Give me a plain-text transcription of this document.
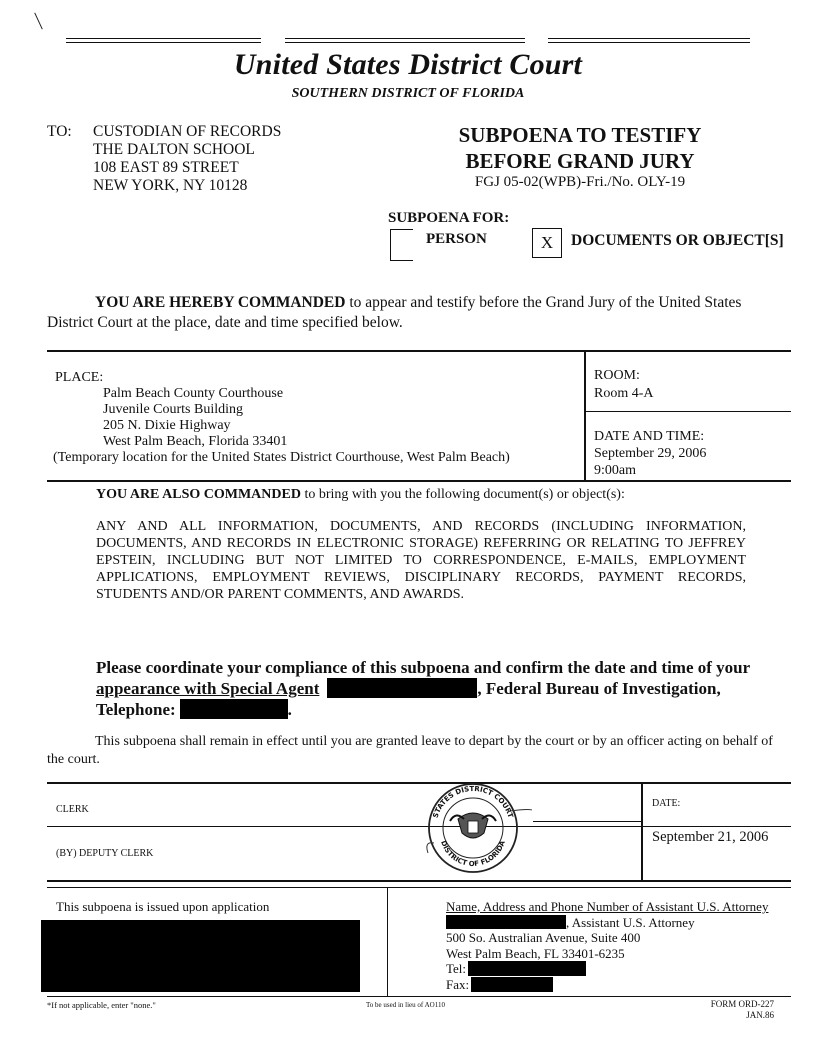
United States District Court
SOUTHERN DISTRICT OF FLORIDA
TO: CUSTODIAN OF RECORDS
THE DALTON SCHOOL
108 EAST 89 STREET
NEW YORK, NY 10128
SUBPOENA TO TESTIFY
BEFORE GRAND JURY
FGJ 05-02(WPB)-Fri./No. OLY-19
SUBPOENA FOR:
PERSON	X	DOCUMENTS OR OBJECT[S]
YOU ARE HEREBY COMMANDED to appear and testify before the Grand Jury of the United States District Court at the place, date and time specified below.
PLACE:
Palm Beach County Courthouse
Juvenile Courts Building
205 N. Dixie Highway
West Palm Beach, Florida 33401
(Temporary location for the United States District Courthouse, West Palm Beach)
ROOM:
Room 4-A
DATE AND TIME:
September 29, 2006
9:00am
YOU ARE ALSO COMMANDED to bring with you the following document(s) or object(s):
ANY AND ALL INFORMATION, DOCUMENTS, AND RECORDS (INCLUDING INFORMATION, DOCUMENTS, AND RECORDS IN ELECTRONIC STORAGE) REFERRING OR RELATING TO JEFFREY EPSTEIN, INCLUDING BUT NOT LIMITED TO CORRESPONDENCE, E-MAILS, EMPLOYMENT APPLICATIONS, EMPLOYMENT REVIEWS, DISCIPLINARY RECORDS, PAYMENT RECORDS, STUDENTS AND/OR PARENT COMMENTS, AND AWARDS.
Please coordinate your compliance of this subpoena and confirm the date and time of your
appearance with Special Agent	, Federal Bureau of Investigation,
Telephone:	.
This subpoena shall remain in effect until you are granted leave to depart by the court or by an officer acting on behalf of the court.
CLERK
(BY) DEPUTY CLERK
DATE:
September 21, 2006
STATES DISTRICT COURT
DISTRICT OF FLORIDA
This subpoena is issued upon application	Name, Address and Phone Number of Assistant U.S. Attorney
, Assistant U.S. Attorney
500 So. Australian Avenue, Suite 400
West Palm Beach, FL 33401-6235
Tel:
Fax:
*If not applicable, enter "none."	To be used in lieu of AO110	FORM ORD-227
JAN.86
